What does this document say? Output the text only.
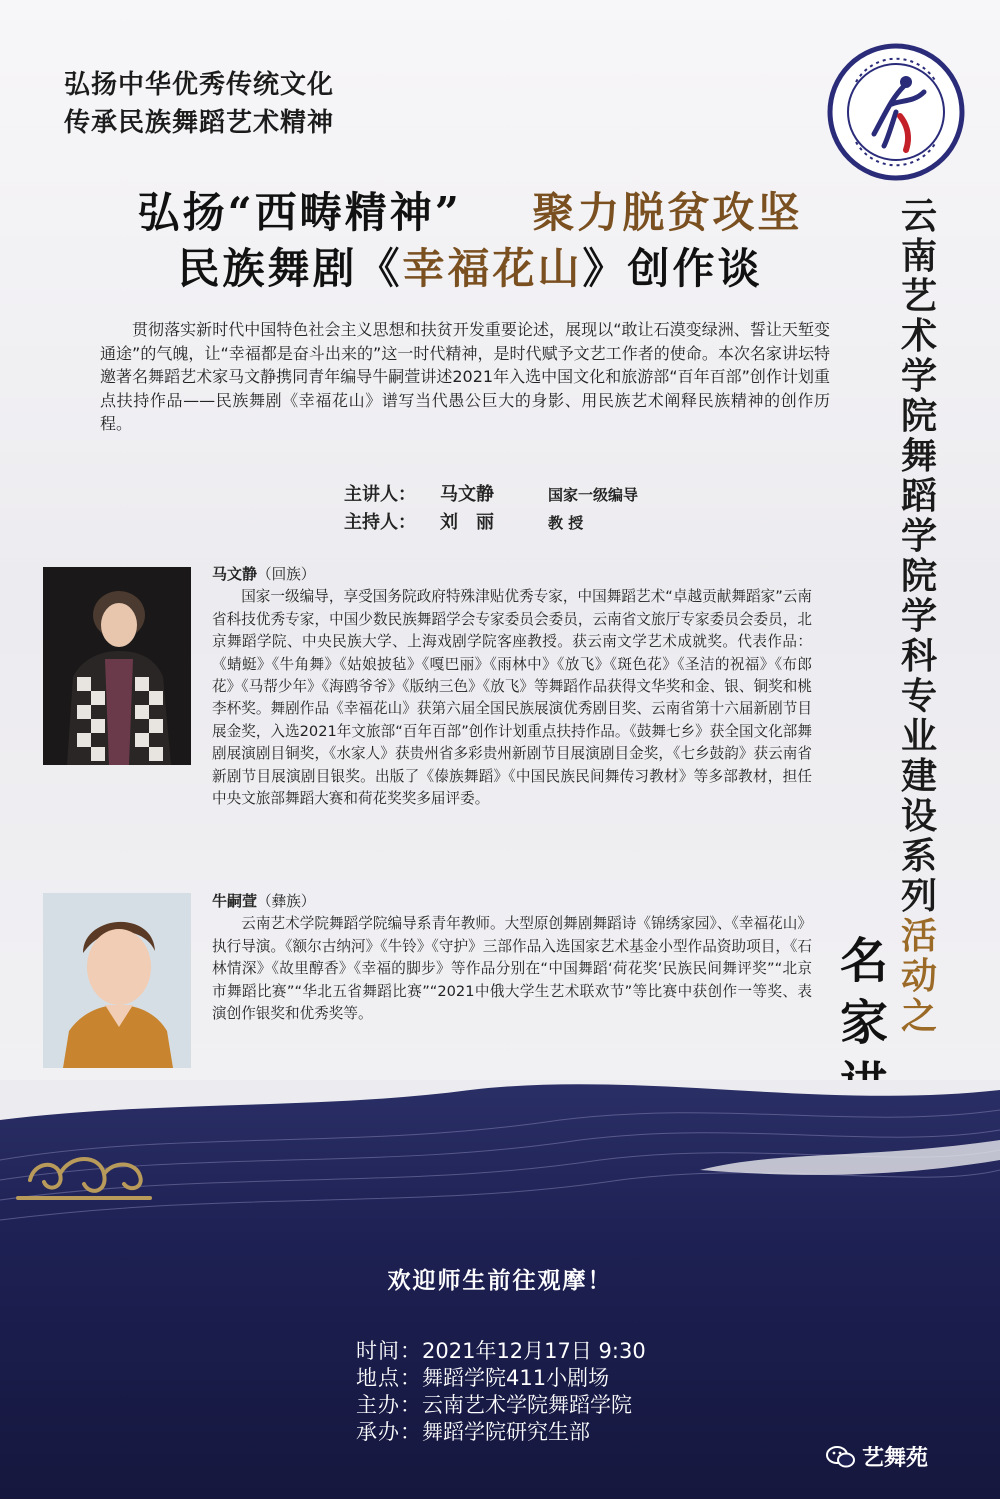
弘扬中华优秀传统文化
传承民族舞蹈艺术精神
弘扬“西畴精神” 聚力脱贫攻坚
民族舞剧《幸福花山》创作谈
贯彻落实新时代中国特色社会主义思想和扶贫开发重要论述，展现以“敢让石漠变绿洲、誓让天堑变通途”的气魄，让“幸福都是奋斗出来的”这一时代精神，是时代赋予文艺工作者的使命。本次名家讲坛特邀著名舞蹈艺术家马文静携同青年编导牛嗣萱讲述2021年入选中国文化和旅游部“百年百部”创作计划重点扶持作品——民族舞剧《幸福花山》谱写当代愚公巨大的身影、用民族艺术阐释民族精神的创作历程。
主讲人： 马文静	国家一级编导
主持人： 刘　丽	教 授
马文静（回族）

国家一级编导，享受国务院政府特殊津贴优秀专家，中国舞蹈艺术“卓越贡献舞蹈家”云南省科技优秀专家，中国少数民族舞蹈学会专家委员会委员，云南省文旅厅专家委员会委员，北京舞蹈学院、中央民族大学、上海戏剧学院客座教授。获云南文学艺术成就奖。代表作品：《蜻蜓》《牛角舞》《姑娘披毡》《嘎巴丽》《雨林中》《放飞》《斑色花》《圣洁的祝福》《布郎花》《马帮少年》《海鸥爷爷》《版纳三色》《放飞》等舞蹈作品获得文华奖和金、银、铜奖和桃李杯奖。舞剧作品《幸福花山》获第六届全国民族展演优秀剧目奖、云南省第十六届新剧节目展金奖，入选2021年文旅部“百年百部”创作计划重点扶持作品。《鼓舞七乡》获全国文化部舞剧展演剧目铜奖，《水家人》获贵州省多彩贵州新剧节目展演剧目金奖，《七乡鼓韵》获云南省新剧节目展演剧目银奖。出版了《傣族舞蹈》《中国民族民间舞传习教材》等多部教材，担任中央文旅部舞蹈大赛和荷花奖奖多届评委。

牛嗣萱（彝族）

云南艺术学院舞蹈学院编导系青年教师。大型原创舞剧舞蹈诗《锦绣家园》、《幸福花山》执行导演。《额尔古纳河》《牛铃》《守护》三部作品入选国家艺术基金小型作品资助项目，《石林情深》《故里醇香》《幸福的脚步》等作品分别在“中国舞蹈‘荷花奖’民族民间舞评奖”“北京市舞蹈比赛”“华北五省舞蹈比赛”“2021中俄大学生艺术联欢节”等比赛中获创作一等奖、表演创作银奖和优秀奖等。

云南艺术学院舞蹈学院学科专业建设系列活动之
名家
欢迎师生前往观摩！
时间：2021年12月17日 9:30
地点：舞蹈学院411小剧场
主办：云南艺术学院舞蹈学院
承办：舞蹈学院研究生部
艺舞苑
